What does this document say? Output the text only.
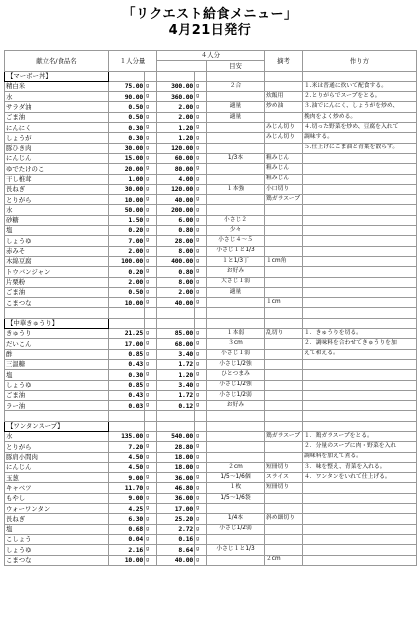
「リクエスト給食メニュー」
4月21日発行
献立名/食品名	１人分量		４人分			摘考	作り方
					目安		
【マーボー丼】							
精白米	75.00	g	300.00	g	２合		１.米は普通に炊いて配食する。
水	90.00	g	360.00	g		炊飯用	２.とりがらでスープをとる。
サラダ油	0.50	g	2.00	g	適量	炒め油	３.油でにんにく、しょうがを炒め、
ごま油	0.50	g	2.00	g	適量		挽肉をよく炒める。
にんにく	0.30	g	1.20	g		みじん切り	４.切った野菜を炒め、豆腐を入れて
しょうが	0.30	g	1.20	g		みじん切り	調味する。
豚ひき肉	30.00	g	120.00	g			５.仕上げにごま油と青葉を散らす。
にんじん	15.00	g	60.00	g	1/3本	粗みじん	
ゆでたけのこ	20.00	g	80.00	g		粗みじん	
干し椎茸	1.00	g	4.00	g		粗みじん	
長ねぎ	30.00	g	120.00	g	１本強	小口切り	
とりがら	10.00	g	40.00	g		鶏ガラスープ	
水	50.00	g	200.00	g			
砂糖	1.50	g	6.00	g	小さじ２		
塩	0.20	g	0.80	g	少々		
しょうゆ	7.00	g	28.00	g	小さじ４～５		
赤みそ	2.00	g	8.00	g	小さじ１と1/3		
木綿豆腐	100.00	g	400.00	g	１と1/3丁	１cm角	
トウバンジャン	0.20	g	0.80	g	お好み		
片栗粉	2.00	g	8.00	g	大さじ１弱		
ごま油	0.50	g	2.00	g	適量		
こまつな	10.00	g	40.00	g		１cm	

【中華きゅうり】							
きゅうり	21.25	g	85.00	g	１本弱	乱切り	１．きゅうりを切る。
だいこん	17.00	g	68.00	g	３cm		２．調味料を合わせてきゅうりを加
酢	0.85	g	3.40	g	小さじ１弱		えて和える。
三温糖	0.43	g	1.72	g	小さじ1/2強		
塩	0.30	g	1.20	g	ひとつまみ		
しょうゆ	0.85	g	3.40	g	小さじ1/2強		
ごま油	0.43	g	1.72	g	小さじ1/2弱		
ラー油	0.03	g	0.12	g	お好み		

【ワンタンスープ】							
水	135.00	g	540.00	g		鶏ガラスープ	１．鶏ガラスープをとる。
とりがら	7.20	g	28.80	g			２．分量のスープに肉・野菜を入れ
豚肩小間肉	4.50	g	18.00	g			調味料を加えて煮る。
にんじん	4.50	g	18.00	g	２cm	短冊切り	３．味を整え、青菜を入れる。
玉葱	9.00	g	36.00	g	1/5～1/6個	スライス	４．ワンタンをいれて仕上げる。
キャベツ	11.70	g	46.80	g	１枚	短冊切り	
もやし	9.00	g	36.00	g	1/5～1/6袋		
ウォーワンタン	4.25	g	17.00	g			
長ねぎ	6.30	g	25.20	g	1/4本	斜め細切り	
塩	0.68	g	2.72	g	小さじ1/2弱		
こしょう	0.04	g	0.16	g			
しょうゆ	2.16	g	8.64	g	小さじ１と1/3		
こまつな	10.00	g	40.00	g		２cm	
